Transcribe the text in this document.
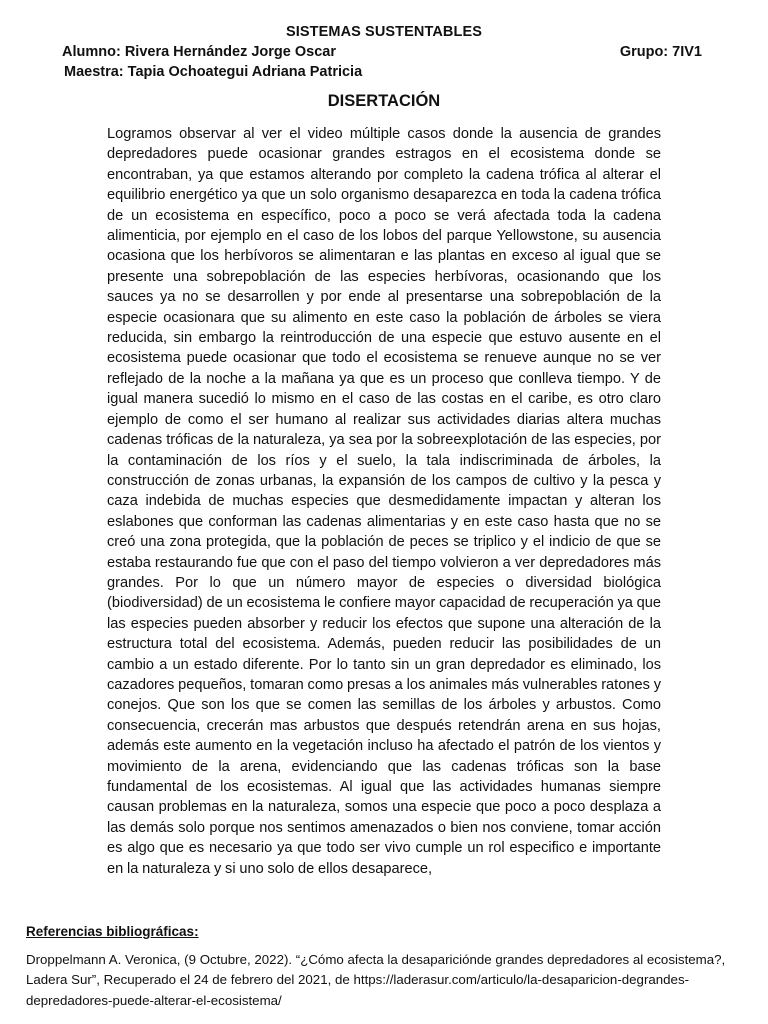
SISTEMAS SUSTENTABLES
Alumno: Rivera Hernández Jorge Oscar	Grupo: 7IV1
Maestra: Tapia Ochoategui Adriana Patricia
DISERTACIÓN

Logramos observar al ver el video múltiple casos donde la ausencia de grandes depredadores puede ocasionar grandes estragos en el ecosistema donde se encontraban, ya que estamos alterando por completo la cadena trófica al alterar el equilibrio energético ya que un solo organismo desaparezca en toda la cadena trófica de un ecosistema en específico, poco a poco se verá afectada toda la cadena alimenticia, por ejemplo en el caso de los lobos del parque Yellowstone, su ausencia ocasiona que los herbívoros se alimentaran e las plantas en exceso al igual que se presente una sobrepoblación de las especies herbívoras, ocasionando que los sauces ya no se desarrollen y por ende al presentarse una sobrepoblación de la especie ocasionara que su alimento en este caso la población de árboles se viera reducida, sin embargo la reintroducción de una especie que estuvo ausente en el ecosistema puede ocasionar que todo el ecosistema se renueve aunque no se ver reflejado de la noche a la mañana ya que es un proceso que conlleva tiempo. Y de igual manera sucedió lo mismo en el caso de las costas en el caribe, es otro claro ejemplo de como el ser humano al realizar sus actividades diarias altera muchas cadenas tróficas de la naturaleza, ya sea por la sobreexplotación de las especies, por la contaminación de los ríos y el suelo, la tala indiscriminada de árboles, la construcción de zonas urbanas, la expansión de los campos de cultivo y la pesca y caza indebida de muchas especies que desmedidamente impactan y alteran los eslabones que conforman las cadenas alimentarias y en este caso hasta que no se creó una zona protegida, que la población de peces se triplico y el indicio de que se estaba restaurando fue que con el paso del tiempo volvieron a ver depredadores más grandes. Por lo que un número mayor de especies o diversidad biológica (biodiversidad) de un ecosistema le confiere mayor capacidad de recuperación ya que las especies pueden absorber y reducir los efectos que supone una alteración de la estructura total del ecosistema. Además, pueden reducir las posibilidades de un cambio a un estado diferente. Por lo tanto sin un gran depredador es eliminado, los cazadores pequeños, tomaran como presas a los animales más vulnerables ratones y conejos. Que son los que se comen las semillas de los árboles y arbustos. Como consecuencia, crecerán mas arbustos que después retendrán arena en sus hojas, además este aumento en la vegetación incluso ha afectado el patrón de los vientos y movimiento de la arena, evidenciando que las cadenas tróficas son la base fundamental de los ecosistemas. Al igual que las actividades humanas siempre causan problemas en la naturaleza, somos una especie que poco a poco desplaza a las demás solo porque nos sentimos amenazados o bien nos conviene, tomar acción es algo que es necesario ya que todo ser vivo cumple un rol especifico e importante en la naturaleza y si uno solo de ellos desaparece,

Referencias bibliográficas:

Droppelmann A. Veronica, (9 Octubre, 2022). “¿Cómo afecta la desapariciónde grandes depredadores al ecosistema?, Ladera Sur”, Recuperado el 24 de febrero del 2021, de https://laderasur.com/articulo/la-desaparicion-degrandes-depredadores-puede-alterar-el-ecosistema/
